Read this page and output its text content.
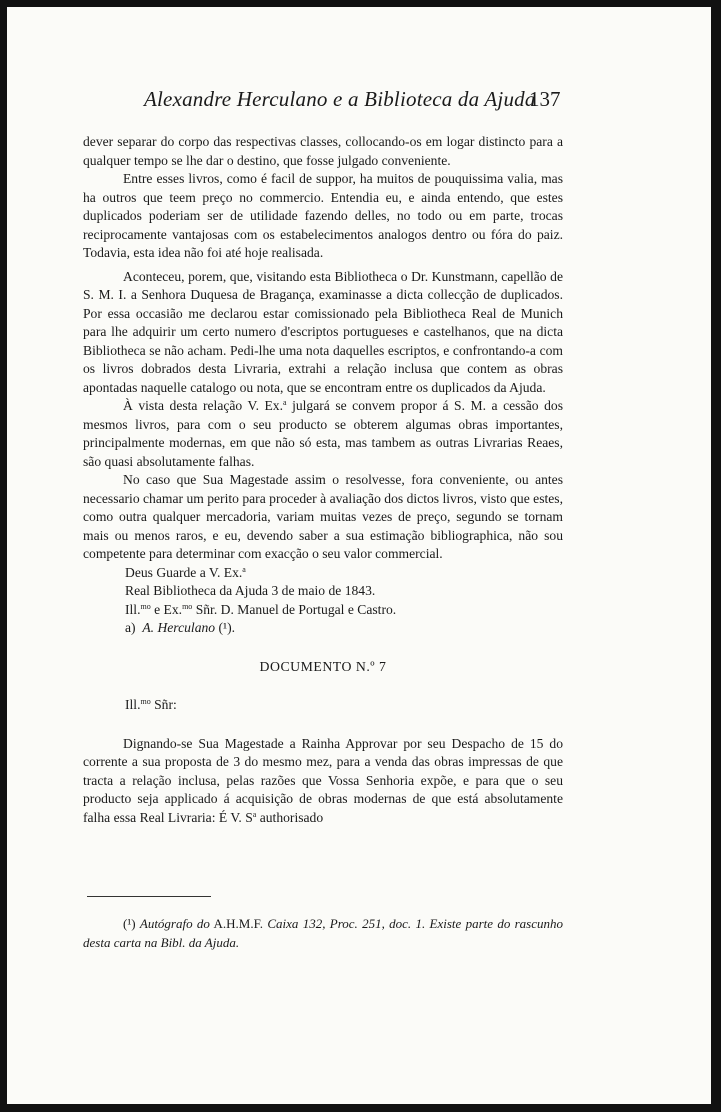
Alexandre Herculano e a Biblioteca da Ajuda
137

dever separar do corpo das respectivas classes, collocando-os em logar distincto para a qualquer tempo se lhe dar o destino, que fosse julgado conveniente.

Entre esses livros, como é facil de suppor, ha muitos de pouquissima valia, mas ha outros que teem preço no commercio. Entendia eu, e ainda entendo, que estes duplicados poderiam ser de utilidade fazendo delles, no todo ou em parte, trocas reciprocamente vantajosas com os estabelecimentos analogos dentro ou fóra do paiz. Todavia, esta idea não foi até hoje realisada.

Aconteceu, porem, que, visitando esta Bibliotheca o Dr. Kunstmann, capellão de S. M. I. a Senhora Duquesa de Bragança, examinasse a dicta collecção de duplicados. Por essa occasião me declarou estar comissionado pela Bibliotheca Real de Munich para lhe adquirir um certo numero d'escriptos portugueses e castelhanos, que na dicta Bibliotheca se não acham. Pedi-lhe uma nota daquelles escriptos, e confrontando-a com os livros dobrados desta Livraria, extrahi a relação inclusa que contem as obras apontadas naquelle catalogo ou nota, que se encontram entre os duplicados da Ajuda.

À vista desta relação V. Ex.$^a$ julgará se convem propor á S. M. a cessão dos mesmos livros, para com o seu producto se obterem algumas obras importantes, principalmente modernas, em que não só esta, mas tambem as outras Livrarias Reaes, são quasi absolutamente falhas.

No caso que Sua Magestade assim o resolvesse, fora conveniente, ou antes necessario chamar um perito para proceder à avaliação dos dictos livros, visto que estes, como outra qualquer mercadoria, variam muitas vezes de preço, segundo se tornam mais ou menos raros, e eu, devendo saber a sua estimação bibliographica, não sou competente para determinar com exacção o seu valor commercial.

Deus Guarde a V. Ex.$^a$

Real Bibliotheca da Ajuda 3 de maio de 1843.

Ill.$^{mo}$ e Ex.$^{mo}$ Sñr. D. Manuel de Portugal e Castro.

a) A. Herculano (¹).

DOCUMENTO N.º 7

Ill.$^{mo}$ Sñr:

Dignando-se Sua Magestade a Rainha Approvar por seu Despacho de 15 do corrente a sua proposta de 3 do mesmo mez, para a venda das obras impressas de que tracta a relação inclusa, pelas razões que Vossa Senhoria expõe, e para que o seu producto seja applicado á acquisição de obras modernas de que está absolutamente falha essa Real Livraria: É V. $S^a$ authorisado

(¹) Autógrafo do A.H.M.F. Caixa 132, Proc. 251, doc. 1. Existe parte do rascunho desta carta na Bibl. da Ajuda.
